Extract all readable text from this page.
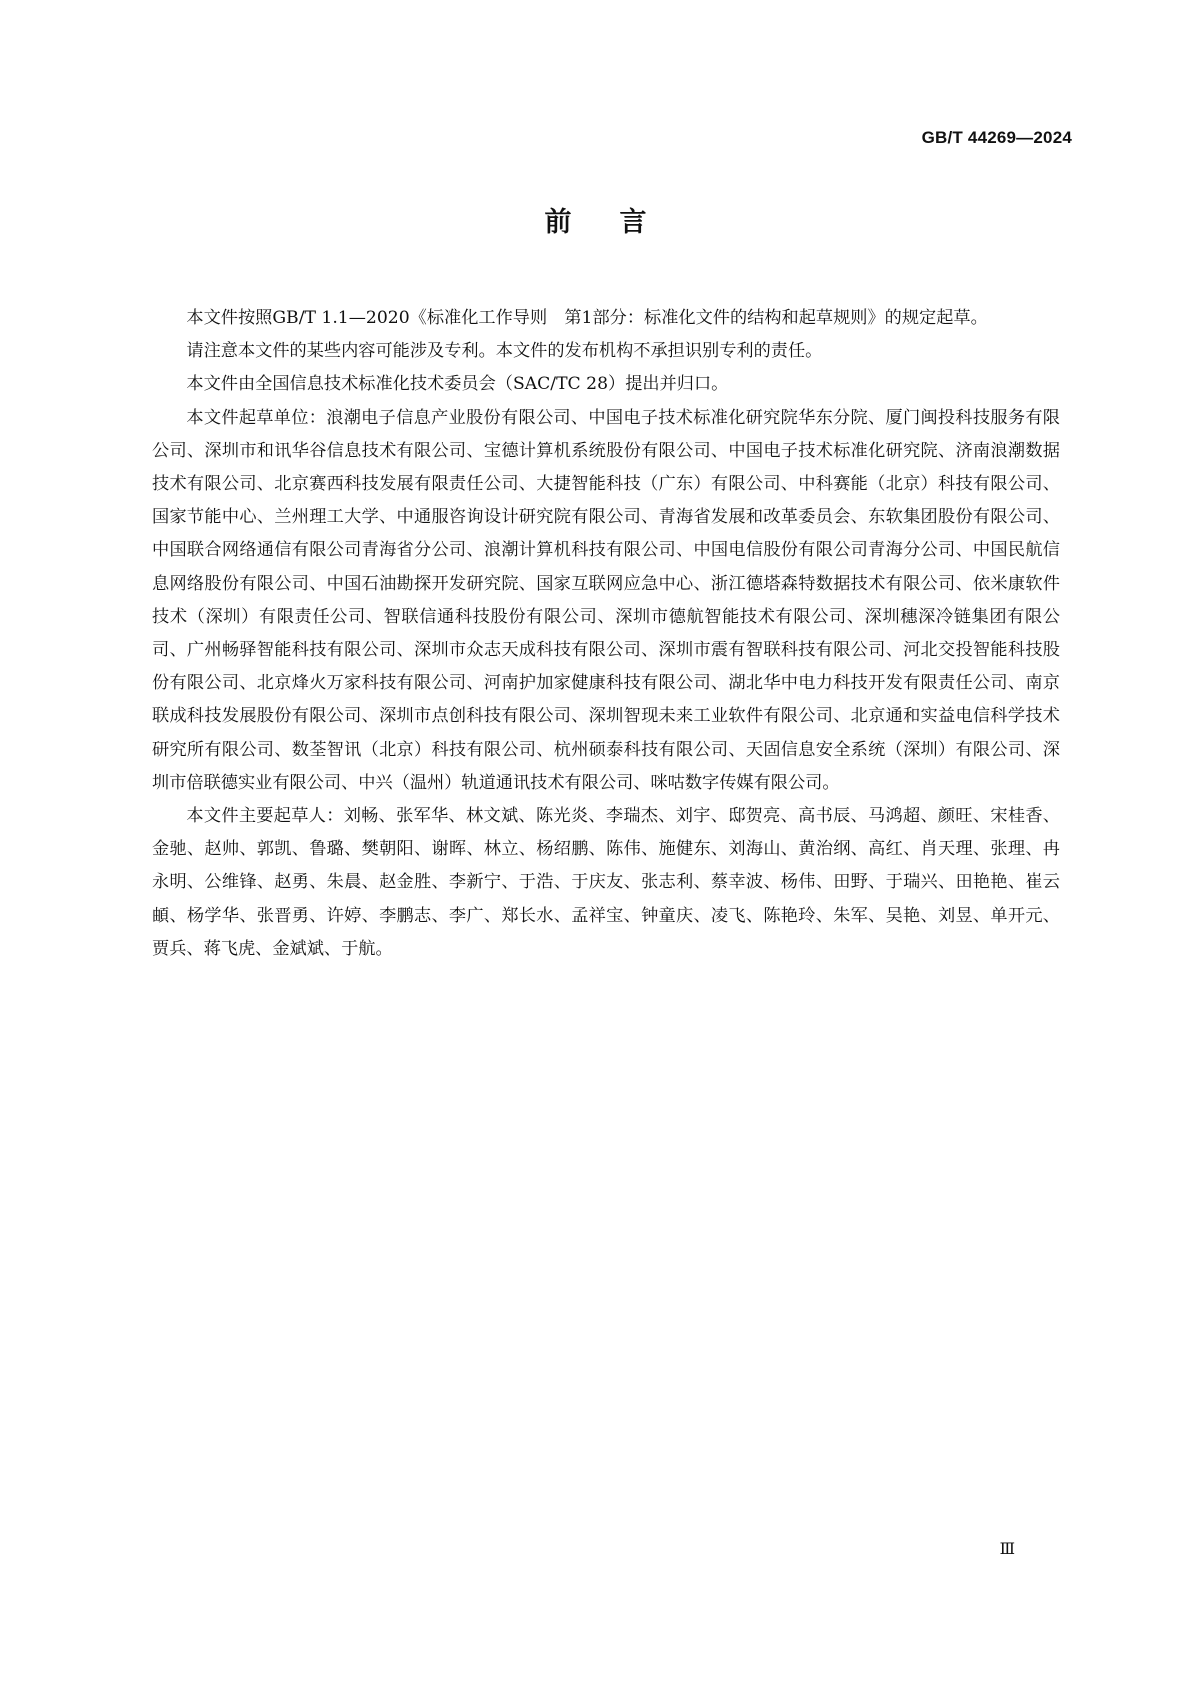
GB/T 44269—2024
前言

本文件按照GB/T 1.1—2020《标准化工作导则　第1部分：标准化文件的结构和起草规则》的规定起草。

请注意本文件的某些内容可能涉及专利。本文件的发布机构不承担识别专利的责任。

本文件由全国信息技术标准化技术委员会（SAC/TC 28）提出并归口。

本文件起草单位：浪潮电子信息产业股份有限公司、中国电子技术标准化研究院华东分院、厦门闽投科技服务有限公司、深圳市和讯华谷信息技术有限公司、宝德计算机系统股份有限公司、中国电子技术标准化研究院、济南浪潮数据技术有限公司、北京赛西科技发展有限责任公司、大捷智能科技（广东）有限公司、中科赛能（北京）科技有限公司、国家节能中心、兰州理工大学、中通服咨询设计研究院有限公司、青海省发展和改革委员会、东软集团股份有限公司、中国联合网络通信有限公司青海省分公司、浪潮计算机科技有限公司、中国电信股份有限公司青海分公司、中国民航信息网络股份有限公司、中国石油勘探开发研究院、国家互联网应急中心、浙江德塔森特数据技术有限公司、依米康软件技术（深圳）有限责任公司、智联信通科技股份有限公司、深圳市德航智能技术有限公司、深圳穗深冷链集团有限公司、广州畅驿智能科技有限公司、深圳市众志天成科技有限公司、深圳市震有智联科技有限公司、河北交投智能科技股份有限公司、北京烽火万家科技有限公司、河南护加家健康科技有限公司、湖北华中电力科技开发有限责任公司、南京联成科技发展股份有限公司、深圳市点创科技有限公司、深圳智现未来工业软件有限公司、北京通和实益电信科学技术研究所有限公司、数荃智讯（北京）科技有限公司、杭州硕泰科技有限公司、天固信息安全系统（深圳）有限公司、深圳市倍联德实业有限公司、中兴（温州）轨道通讯技术有限公司、咪咕数字传媒有限公司。

本文件主要起草人：刘畅、张军华、林文斌、陈光炎、李瑞杰、刘宇、邸贺亮、高书辰、马鸿超、颜旺、宋桂香、金驰、赵帅、郭凯、鲁璐、樊朝阳、谢晖、林立、杨绍鹏、陈伟、施健东、刘海山、黄治纲、高红、肖天理、张理、冉永明、公维锋、赵勇、朱晨、赵金胜、李新宁、于浩、于庆友、张志利、蔡幸波、杨伟、田野、于瑞兴、田艳艳、崔云頔、杨学华、张晋勇、许婷、李鹏志、李广、郑长水、孟祥宝、钟童庆、凌飞、陈艳玲、朱军、吴艳、刘昱、单开元、贾兵、蒋飞虎、金斌斌、于航。

Ⅲ
